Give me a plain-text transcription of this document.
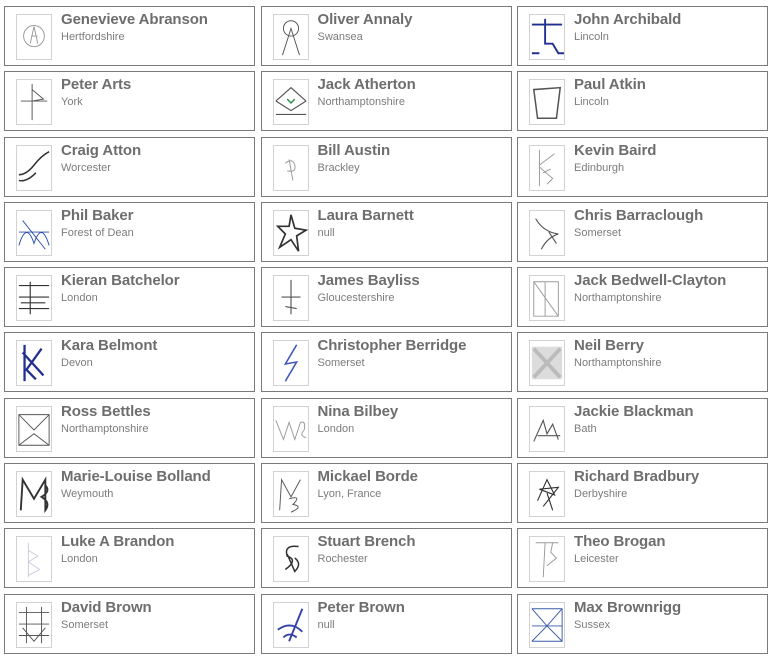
Genevieve Abranson
Hertfordshire
Oliver Annaly
Swansea
John Archibald
Lincoln
Peter Arts
York
Jack Atherton
Northamptonshire
Paul Atkin
Lincoln
Craig Atton
Worcester
Bill Austin
Brackley
Kevin Baird
Edinburgh
Phil Baker
Forest of Dean
Laura Barnett
null
Chris Barraclough
Somerset
Kieran Batchelor
London
James Bayliss
Gloucestershire
Jack Bedwell-Clayton
Northamptonshire
Kara Belmont
Devon
Christopher Berridge
Somerset
Neil Berry
Northamptonshire
Ross Bettles
Northamptonshire
Nina Bilbey
London
Jackie Blackman
Bath
Marie-Louise Bolland
Weymouth
Mickael Borde
Lyon, France
Richard Bradbury
Derbyshire
Luke A Brandon
London
Stuart Brench
Rochester
Theo Brogan
Leicester
David Brown
Somerset
Peter Brown
null
Max Brownrigg
Sussex
